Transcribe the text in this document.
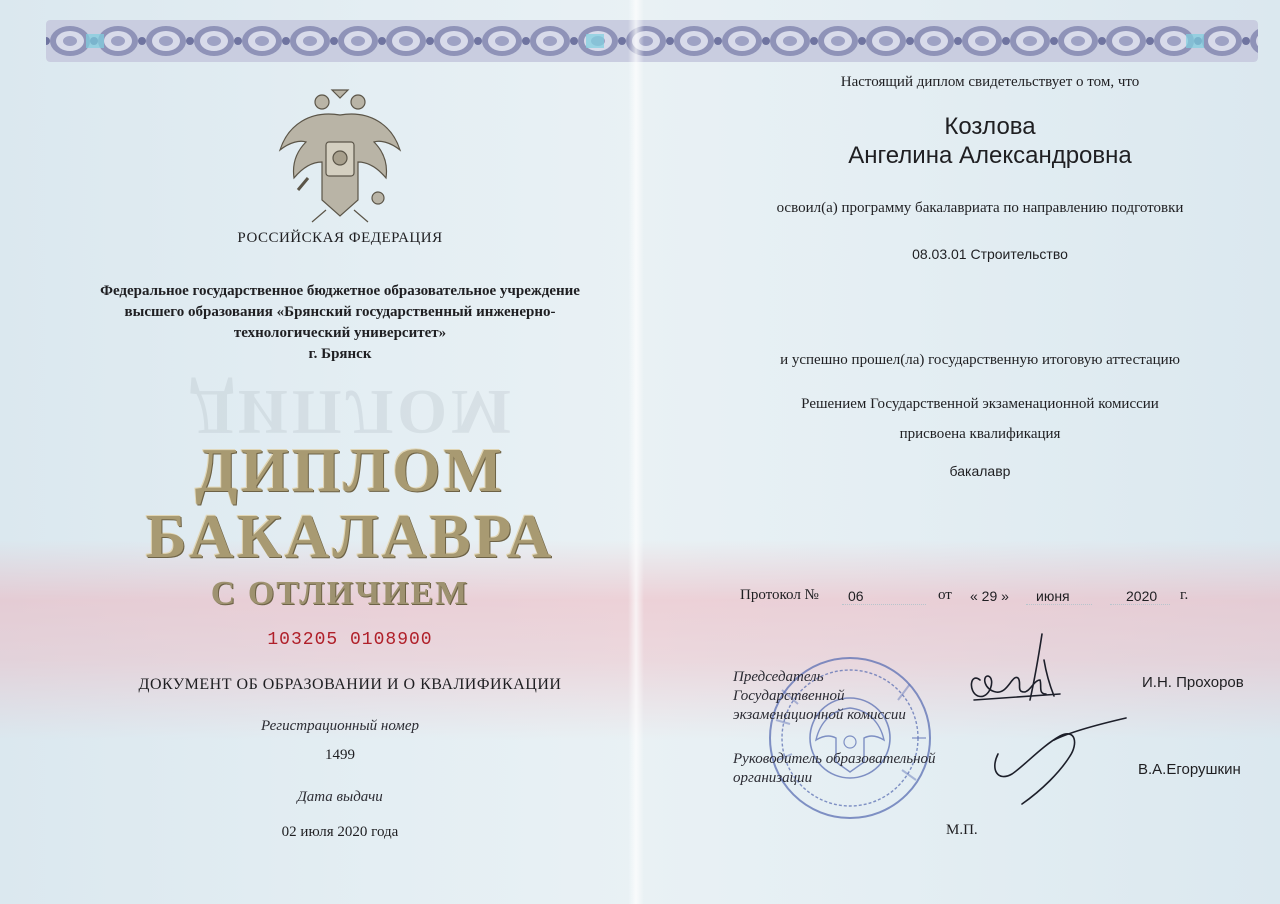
РОССИЙСКАЯ ФЕДЕРАЦИЯ
Федеральное государственное бюджетное образовательное учреждение
высшего образования «Брянский государственный инженерно-
технологический университет»
г. Брянск
ДИПЛОМ
ДИПЛОМ
БАКАЛАВРА
С ОТЛИЧИЕМ
103205 0108900
ДОКУМЕНТ ОБ ОБРАЗОВАНИИ И О КВАЛИФИКАЦИИ
Регистрационный номер
1499
Дата выдачи
02 июля 2020 года
Настоящий диплом свидетельствует о том, что
Козлова
Ангелина Александровна
освоил(а) программу бакалавриата по направлению подготовки
08.03.01 Строительство
и успешно прошел(ла) государственную итоговую аттестацию
Решением Государственной экзаменационной комиссии
присвоена квалификация
бакалавр
Протокол № 06	от « 29 » июня	2020 г.
Председатель
Государственной
экзаменационной комиссии
И.Н. Прохоров
Руководитель образовательной
организации	В.А.Егорушкин
М.П.
